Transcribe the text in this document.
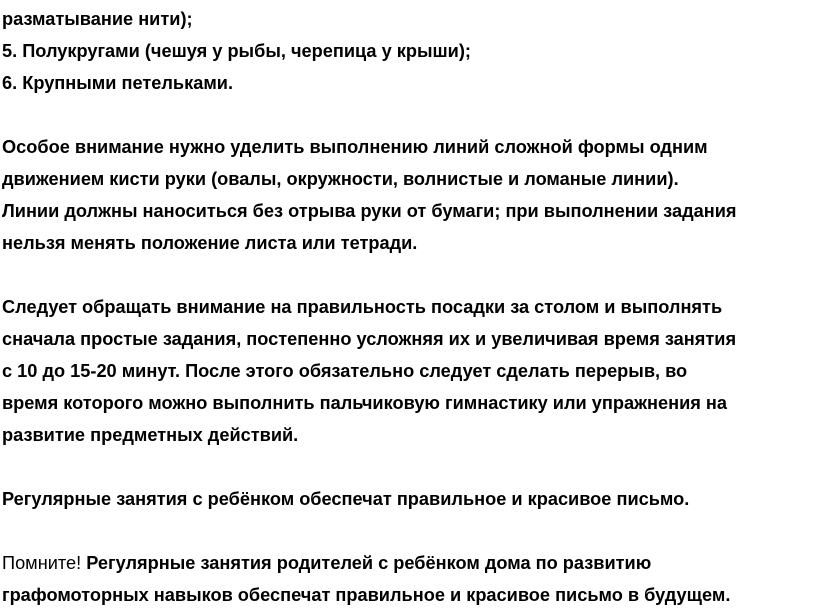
разматывание нити);
5. Полукругами (чешуя у рыбы, черепица у крыши);
6. Крупными петельками.
Особое внимание нужно уделить выполнению линий сложной формы одним
движением кисти руки (овалы, окружности, волнистые и ломаные линии).
Линии должны наноситься без отрыва руки от бумаги; при выполнении задания
нельзя менять положение листа или тетради.
Следует обращать внимание на правильность посадки за столом и выполнять
сначала простые задания, постепенно усложняя их и увеличивая время занятия
с 10 до 15-20 минут. После этого обязательно следует сделать перерыв, во
время которого можно выполнить пальчиковую гимнастику или упражнения на
развитие предметных действий.
Регулярные занятия с ребёнком обеспечат правильное и красивое письмо.
Помните! Регулярные занятия родителей с ребёнком дома по развитию
графомоторных навыков обеспечат правильное и красивое письмо в будущем.
